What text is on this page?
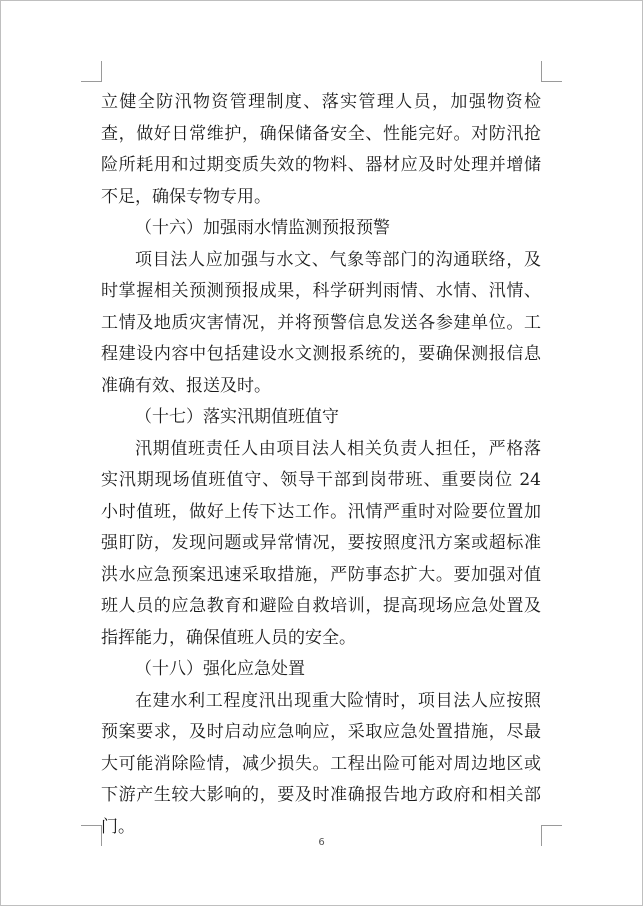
立健全防汛物资管理制度、落实管理人员，加强物资检查，做好日常维护，确保储备安全、性能完好。对防汛抢险所耗用和过期变质失效的物料、器材应及时处理并增储不足，确保专物专用。

（十六）加强雨水情监测预报预警

项目法人应加强与水文、气象等部门的沟通联络，及时掌握相关预测预报成果，科学研判雨情、水情、汛情、工情及地质灾害情况，并将预警信息发送各参建单位。工程建设内容中包括建设水文测报系统的，要确保测报信息准确有效、报送及时。

（十七）落实汛期值班值守

汛期值班责任人由项目法人相关负责人担任，严格落实汛期现场值班值守、领导干部到岗带班、重要岗位 24 小时值班，做好上传下达工作。汛情严重时对险要位置加强盯防，发现问题或异常情况，要按照度汛方案或超标准洪水应急预案迅速采取措施，严防事态扩大。要加强对值班人员的应急教育和避险自救培训，提高现场应急处置及指挥能力，确保值班人员的安全。

（十八）强化应急处置

在建水利工程度汛出现重大险情时，项目法人应按照预案要求，及时启动应急响应，采取应急处置措施，尽最大可能消除险情，减少损失。工程出险可能对周边地区或下游产生较大影响的，要及时准确报告地方政府和相关部门。

6
